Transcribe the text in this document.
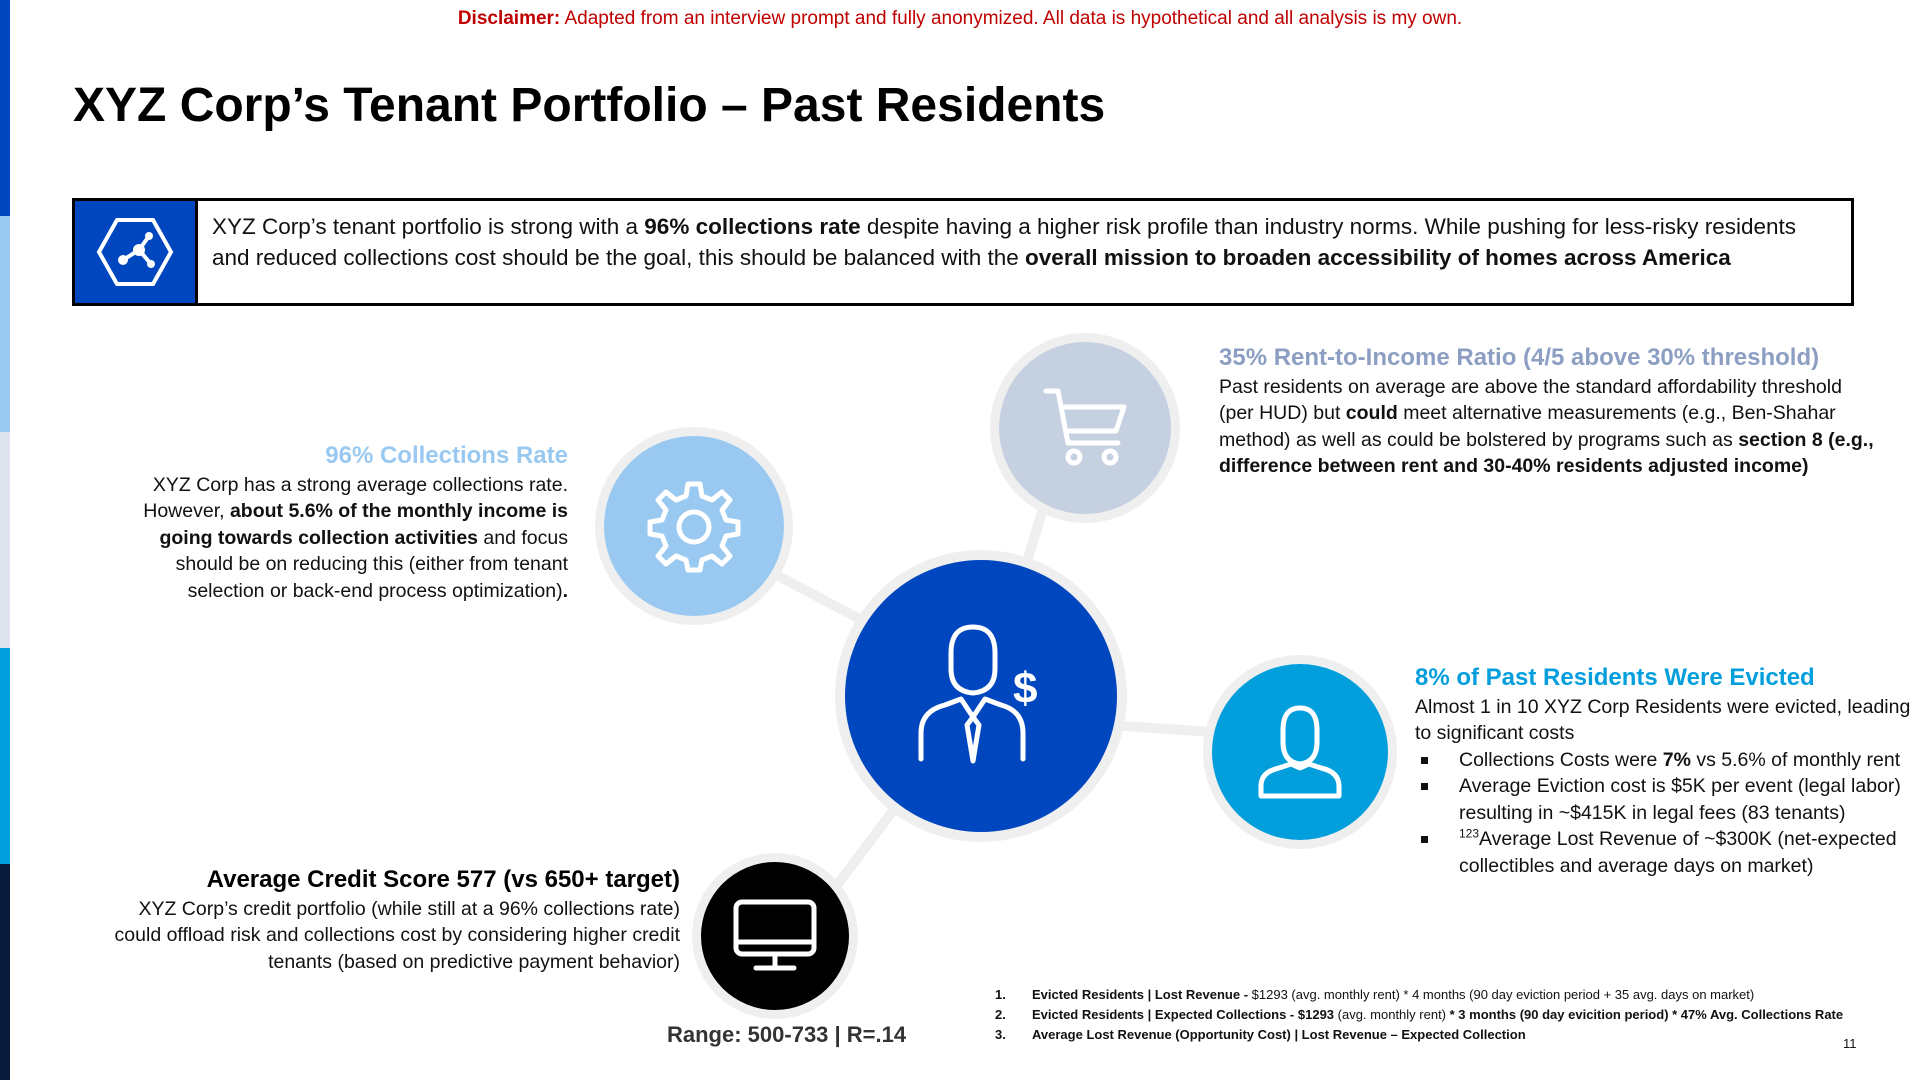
Disclaimer: Adapted from an interview prompt and fully anonymized. All data is hypothetical and all analysis is my own.
XYZ Corp’s Tenant Portfolio – Past Residents
XYZ Corp’s tenant portfolio is strong with a 96% collections rate despite having a higher risk profile than industry norms. While pushing for less-risky residents and reduced collections cost should be the goal, this should be balanced with the overall mission to broaden accessibility of homes across America
$
96% Collections Rate
XYZ Corp has a strong average collections rate. However, about 5.6% of the monthly income is going towards collection activities and focus should be on reducing this (either from tenant selection or back-end process optimization).
35% Rent-to-Income Ratio (4/5 above 30% threshold)
Past residents on average are above the standard affordability threshold (per HUD) but could meet alternative measurements (e.g., Ben-Shahar method) as well as could be bolstered by programs such as section 8 (e.g., difference between rent and 30-40% residents adjusted income)
8% of Past Residents Were Evicted
Almost 1 in 10 XYZ Corp Residents were evicted, leading to significant costs
Collections Costs were 7% vs 5.6% of monthly rent
Average Eviction cost is $5K per event (legal labor) resulting in ~$415K in legal fees (83 tenants)
$^{123}$Average Lost Revenue of ~$300K (net-expected collectibles and average days on market)
Average Credit Score 577 (vs 650+ target)
XYZ Corp’s credit portfolio (while still at a 96% collections rate) could offload risk and collections cost by considering higher credit tenants (based on predictive payment behavior)
Range: 500-733 | R=.14
1.	Evicted Residents | Lost Revenue - $1293 (avg. monthly rent) * 4 months (90 day eviction period + 35 avg. days on market)
2.	Evicted Residents | Expected Collections - $1293 (avg. monthly rent) * 3 months (90 day evicition period) * 47% Avg. Collections Rate
3.	Average Lost Revenue (Opportunity Cost) | Lost Revenue – Expected Collection
11
